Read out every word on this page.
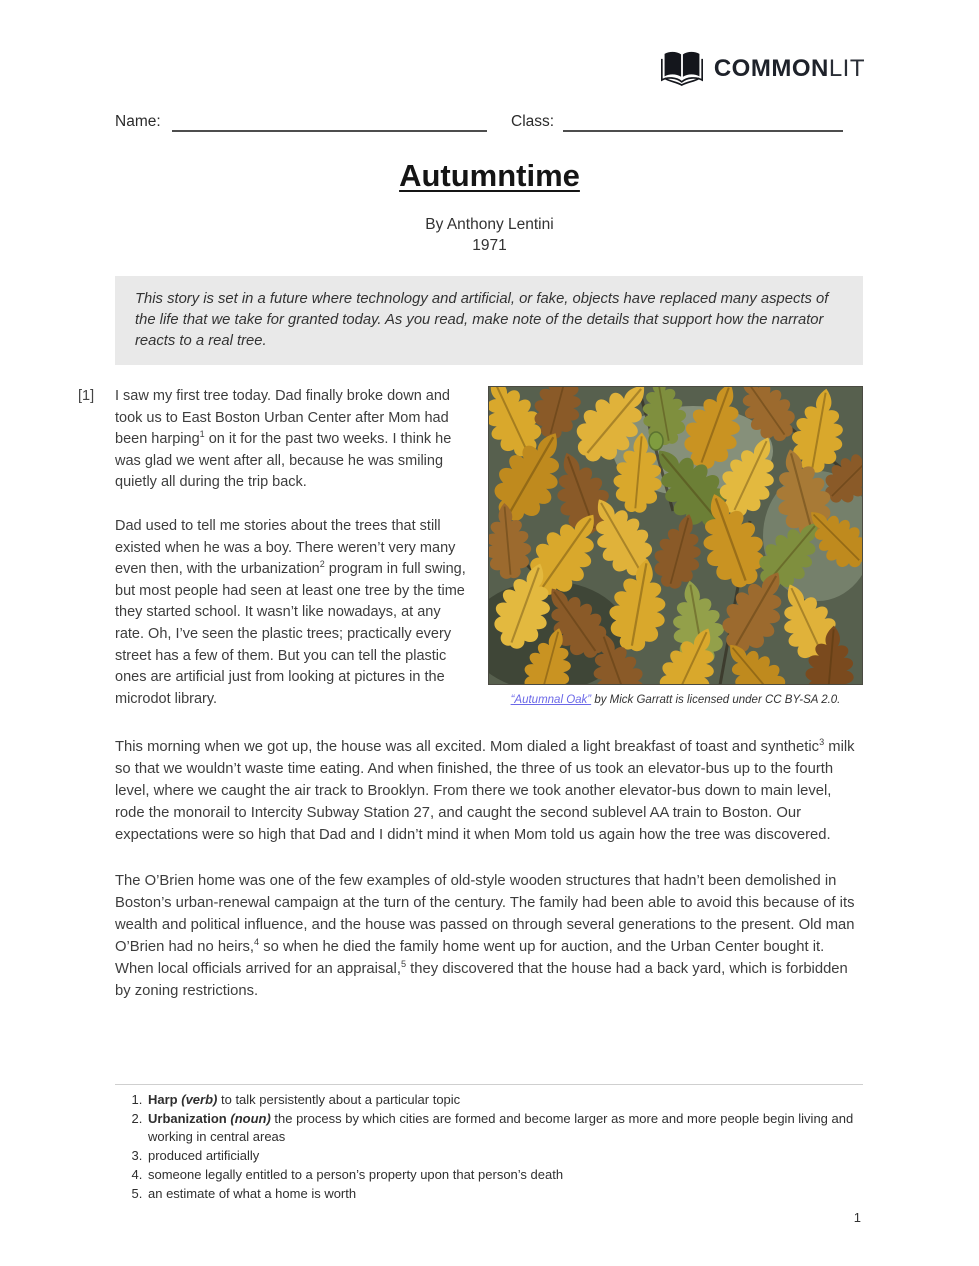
COMMONLIT
Name:	Class:
Autumntime
By Anthony Lentini
1971
This story is set in a future where technology and artificial, or fake, objects have replaced many aspects of the life that we take for granted today. As you read, make note of the details that support how the narrator reacts to a real tree.
[1] I saw my first tree today. Dad finally broke down and took us to East Boston Urban Center after Mom had been harping$^1$ on it for the past two weeks. I think he was glad we went after all, because he was smiling quietly all during the trip back.

Dad used to tell me stories about the trees that still existed when he was a boy. There weren’t very many even then, with the urbanization$^2$ program in full swing, but most people had seen at least one tree by the time they started school. It wasn’t like nowadays, at any rate. Oh, I’ve seen the plastic trees; practically every street has a few of them. But you can tell the plastic ones are artificial just from looking at pictures in the microdot library.	“Autumnal Oak” by Mick Garratt is licensed under CC BY-SA 2.0.

This morning when we got up, the house was all excited. Mom dialed a light breakfast of toast and synthetic$^3$ milk so that we wouldn’t waste time eating. And when finished, the three of us took an elevator-bus up to the fourth level, where we caught the air track to Brooklyn. From there we took another elevator-bus down to main level, rode the monorail to Intercity Subway Station 27, and caught the second sublevel AA train to Boston. Our expectations were so high that Dad and I didn’t mind it when Mom told us again how the tree was discovered.

The O’Brien home was one of the few examples of old-style wooden structures that hadn’t been demolished in Boston’s urban-renewal campaign at the turn of the century. The family had been able to avoid this because of its wealth and political influence, and the house was passed on through several generations to the present. Old man O’Brien had no heirs,$^4$ so when he died the family home went up for auction, and the Urban Center bought it. When local officials arrived for an appraisal,$^5$ they discovered that the house had a back yard, which is forbidden by zoning restrictions.

1. Harp (verb) to talk persistently about a particular topic
2. Urbanization (noun) the process by which cities are formed and become larger as more and more people begin living and working in central areas
3. produced artificially
4. someone legally entitled to a person’s property upon that person’s death
5. an estimate of what a home is worth
1
